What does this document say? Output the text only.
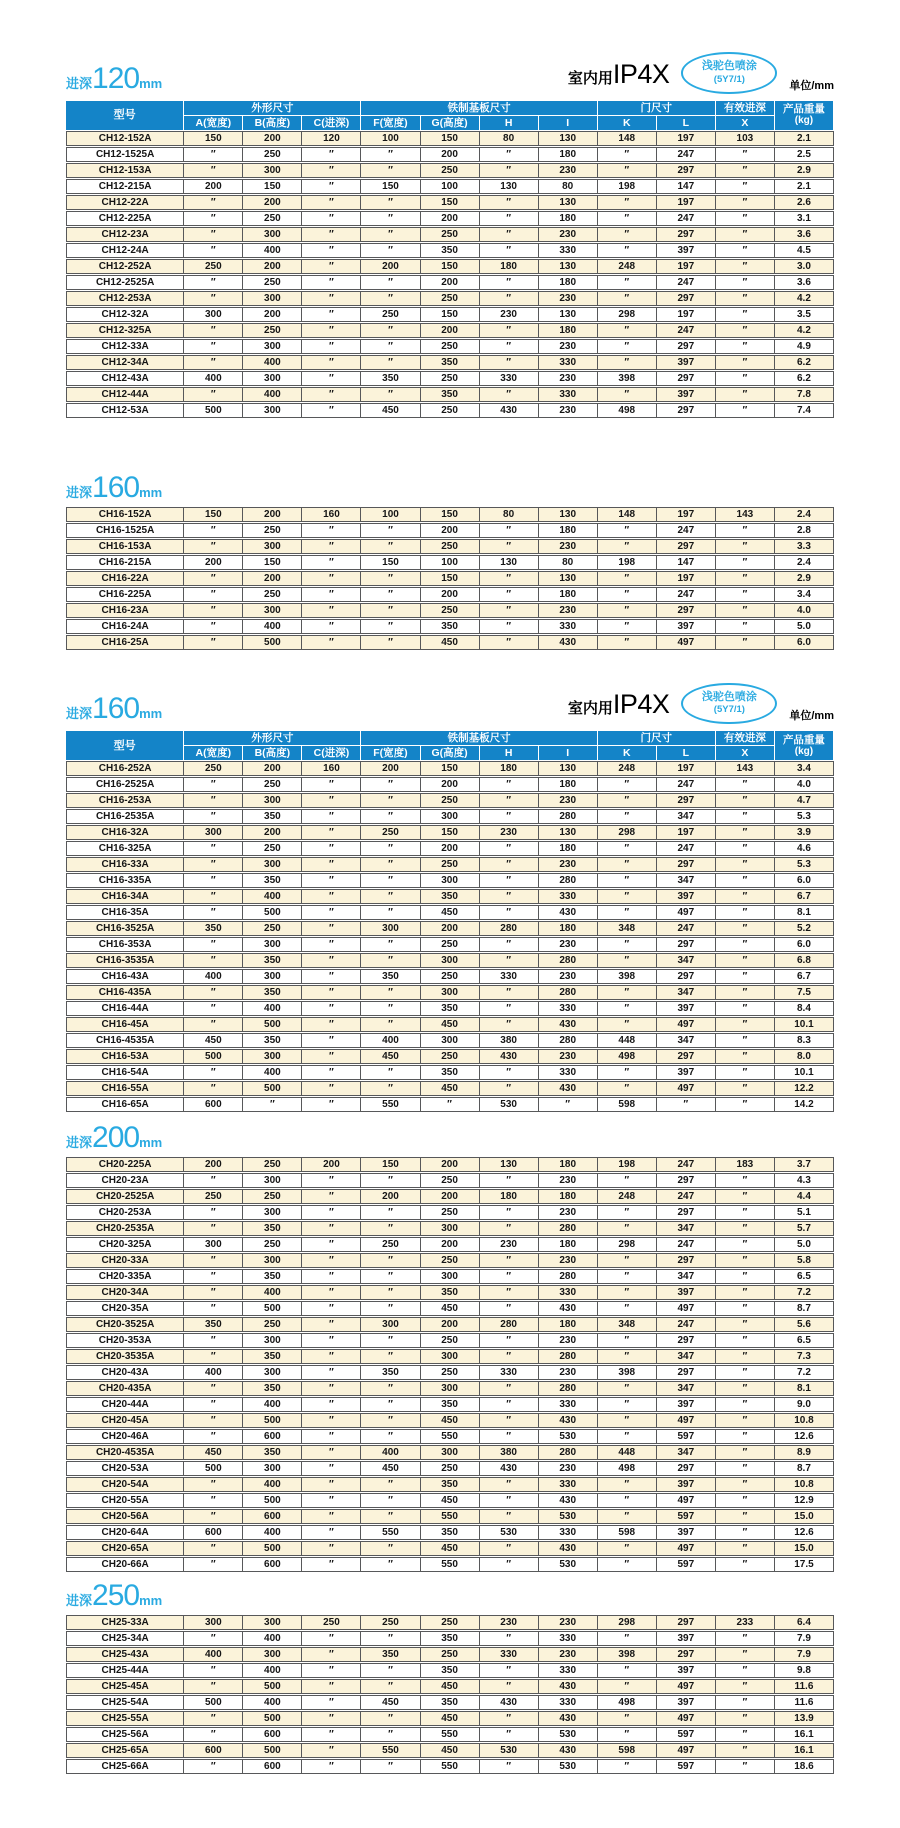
进深120mm	室内用IP4X	浅驼色喷涂
(5Y7/1)
单位/mm
型号	外形尺寸			铁制基板尺寸				门尺寸		有效进深	产品重量
(kg)

	A(宽度)	B(高度)	C(进深)	F(宽度)	G(高度)	H	I	K	L	X	
CH12-152A	150	200	120	100	150	80	130	148	197	103	2.1
CH12-1525A	″	250	″	″	200	″	180	″	247	″	2.5
CH12-153A	″	300	″	″	250	″	230	″	297	″	2.9
CH12-215A	200	150	″	150	100	130	80	198	147	″	2.1
CH12-22A	″	200	″	″	150	″	130	″	197	″	2.6
CH12-225A	″	250	″	″	200	″	180	″	247	″	3.1
CH12-23A	″	300	″	″	250	″	230	″	297	″	3.6
CH12-24A	″	400	″	″	350	″	330	″	397	″	4.5
CH12-252A	250	200	″	200	150	180	130	248	197	″	3.0
CH12-2525A	″	250	″	″	200	″	180	″	247	″	3.6
CH12-253A	″	300	″	″	250	″	230	″	297	″	4.2
CH12-32A	300	200	″	250	150	230	130	298	197	″	3.5
CH12-325A	″	250	″	″	200	″	180	″	247	″	4.2
CH12-33A	″	300	″	″	250	″	230	″	297	″	4.9
CH12-34A	″	400	″	″	350	″	330	″	397	″	6.2
CH12-43A	400	300	″	350	250	330	230	398	297	″	6.2
CH12-44A	″	400	″	″	350	″	330	″	397	″	7.8
CH12-53A	500	300	″	450	250	430	230	498	297	″	7.4
进深160mm
CH16-152A	150	200	160	100	150	80	130	148	197	143	2.4
CH16-1525A	″	250	″	″	200	″	180	″	247	″	2.8
CH16-153A	″	300	″	″	250	″	230	″	297	″	3.3
CH16-215A	200	150	″	150	100	130	80	198	147	″	2.4
CH16-22A	″	200	″	″	150	″	130	″	197	″	2.9
CH16-225A	″	250	″	″	200	″	180	″	247	″	3.4
CH16-23A	″	300	″	″	250	″	230	″	297	″	4.0
CH16-24A	″	400	″	″	350	″	330	″	397	″	5.0
CH16-25A	″	500	″	″	450	″	430	″	497	″	6.0
进深160mm	室内用IP4X	浅驼色喷涂
(5Y7/1)
单位/mm
型号	外形尺寸			铁制基板尺寸				门尺寸		有效进深	产品重量
(kg)

	A(宽度)	B(高度)	C(进深)	F(宽度)	G(高度)	H	I	K	L	X	
CH16-252A	250	200	160	200	150	180	130	248	197	143	3.4
CH16-2525A	″	250	″	″	200	″	180	″	247	″	4.0
CH16-253A	″	300	″	″	250	″	230	″	297	″	4.7
CH16-2535A	″	350	″	″	300	″	280	″	347	″	5.3
CH16-32A	300	200	″	250	150	230	130	298	197	″	3.9
CH16-325A	″	250	″	″	200	″	180	″	247	″	4.6
CH16-33A	″	300	″	″	250	″	230	″	297	″	5.3
CH16-335A	″	350	″	″	300	″	280	″	347	″	6.0
CH16-34A	″	400	″	″	350	″	330	″	397	″	6.7
CH16-35A	″	500	″	″	450	″	430	″	497	″	8.1
CH16-3525A	350	250	″	300	200	280	180	348	247	″	5.2
CH16-353A	″	300	″	″	250	″	230	″	297	″	6.0
CH16-3535A	″	350	″	″	300	″	280	″	347	″	6.8
CH16-43A	400	300	″	350	250	330	230	398	297	″	6.7
CH16-435A	″	350	″	″	300	″	280	″	347	″	7.5
CH16-44A	″	400	″	″	350	″	330	″	397	″	8.4
CH16-45A	″	500	″	″	450	″	430	″	497	″	10.1
CH16-4535A	450	350	″	400	300	380	280	448	347	″	8.3
CH16-53A	500	300	″	450	250	430	230	498	297	″	8.0
CH16-54A	″	400	″	″	350	″	330	″	397	″	10.1
CH16-55A	″	500	″	″	450	″	430	″	497	″	12.2
CH16-65A	600	″	″	550	″	530	″	598	″	″	14.2
进深200mm
CH20-225A	200	250	200	150	200	130	180	198	247	183	3.7
CH20-23A	″	300	″	″	250	″	230	″	297	″	4.3
CH20-2525A	250	250	″	200	200	180	180	248	247	″	4.4
CH20-253A	″	300	″	″	250	″	230	″	297	″	5.1
CH20-2535A	″	350	″	″	300	″	280	″	347	″	5.7
CH20-325A	300	250	″	250	200	230	180	298	247	″	5.0
CH20-33A	″	300	″	″	250	″	230	″	297	″	5.8
CH20-335A	″	350	″	″	300	″	280	″	347	″	6.5
CH20-34A	″	400	″	″	350	″	330	″	397	″	7.2
CH20-35A	″	500	″	″	450	″	430	″	497	″	8.7
CH20-3525A	350	250	″	300	200	280	180	348	247	″	5.6
CH20-353A	″	300	″	″	250	″	230	″	297	″	6.5
CH20-3535A	″	350	″	″	300	″	280	″	347	″	7.3
CH20-43A	400	300	″	350	250	330	230	398	297	″	7.2
CH20-435A	″	350	″	″	300	″	280	″	347	″	8.1
CH20-44A	″	400	″	″	350	″	330	″	397	″	9.0
CH20-45A	″	500	″	″	450	″	430	″	497	″	10.8
CH20-46A	″	600	″	″	550	″	530	″	597	″	12.6
CH20-4535A	450	350	″	400	300	380	280	448	347	″	8.9
CH20-53A	500	300	″	450	250	430	230	498	297	″	8.7
CH20-54A	″	400	″	″	350	″	330	″	397	″	10.8
CH20-55A	″	500	″	″	450	″	430	″	497	″	12.9
CH20-56A	″	600	″	″	550	″	530	″	597	″	15.0
CH20-64A	600	400	″	550	350	530	330	598	397	″	12.6
CH20-65A	″	500	″	″	450	″	430	″	497	″	15.0
CH20-66A	″	600	″	″	550	″	530	″	597	″	17.5
进深250mm
CH25-33A	300	300	250	250	250	230	230	298	297	233	6.4
CH25-34A	″	400	″	″	350	″	330	″	397	″	7.9
CH25-43A	400	300	″	350	250	330	230	398	297	″	7.9
CH25-44A	″	400	″	″	350	″	330	″	397	″	9.8
CH25-45A	″	500	″	″	450	″	430	″	497	″	11.6
CH25-54A	500	400	″	450	350	430	330	498	397	″	11.6
CH25-55A	″	500	″	″	450	″	430	″	497	″	13.9
CH25-56A	″	600	″	″	550	″	530	″	597	″	16.1
CH25-65A	600	500	″	550	450	530	430	598	497	″	16.1
CH25-66A	″	600	″	″	550	″	530	″	597	″	18.6
